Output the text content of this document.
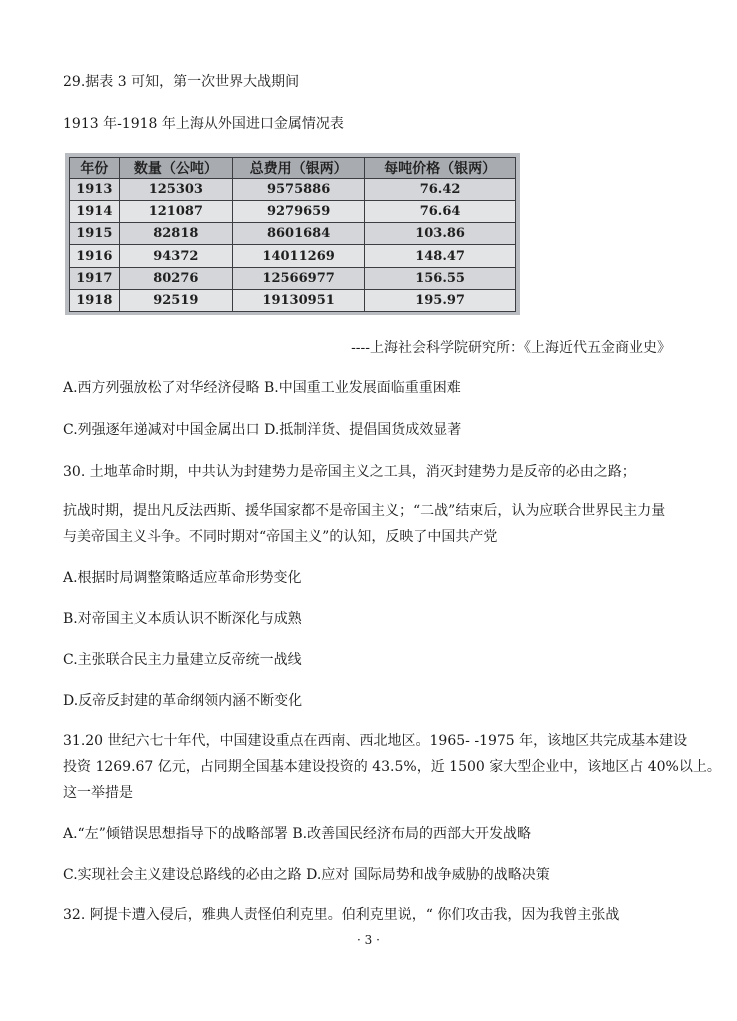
29.据表 3 可知，第一次世界大战期间
1913 年-1918 年上海从外国进口金属情况表
年份	数量（公吨）	总费用（银两）	每吨价格（银两）
1913	125303	9575886	76.42
1914	121087	9279659	76.64
1915	82818	8601684	103.86
1916	94372	14011269	148.47
1917	80276	12566977	156.55
1918	92519	19130951	195.97
----上海社会科学院研究所：《上海近代五金商业史》
A.西方列强放松了对华经济侵略 B.中国重工业发展面临重重困难
C.列强逐年递减对中国金属出口 D.抵制洋货、提倡国货成效显著
30. 土地革命时期，中共认为封建势力是帝国主义之工具，消灭封建势力是反帝的必由之路；
抗战时期，提出凡反法西斯、援华国家都不是帝国主义；“二战”结束后，认为应联合世界民主力量
与美帝国主义斗争。不同时期对“帝国主义”的认知，反映了中国共产党
A.根据时局调整策略适应革命形势变化
B.对帝国主义本质认识不断深化与成熟
C.主张联合民主力量建立反帝统一战线
D.反帝反封建的革命纲领内涵不断变化
31.20 世纪六七十年代，中国建设重点在西南、西北地区。1965- -1975 年，该地区共完成基本建设
投资 1269.67 亿元，占同期全国基本建设投资的 43.5%，近 1500 家大型企业中，该地区占 40%以上。
这一举措是
A.“左”倾错误思想指导下的战略部署 B.改善国民经济布局的西部大开发战略
C.实现社会主义建设总路线的必由之路 D.应对 国际局势和战争威胁的战略决策
32. 阿提卡遭入侵后，雅典人责怪伯利克里。伯利克里说，“ 你们攻击我，因为我曾主张战
· 3 ·
